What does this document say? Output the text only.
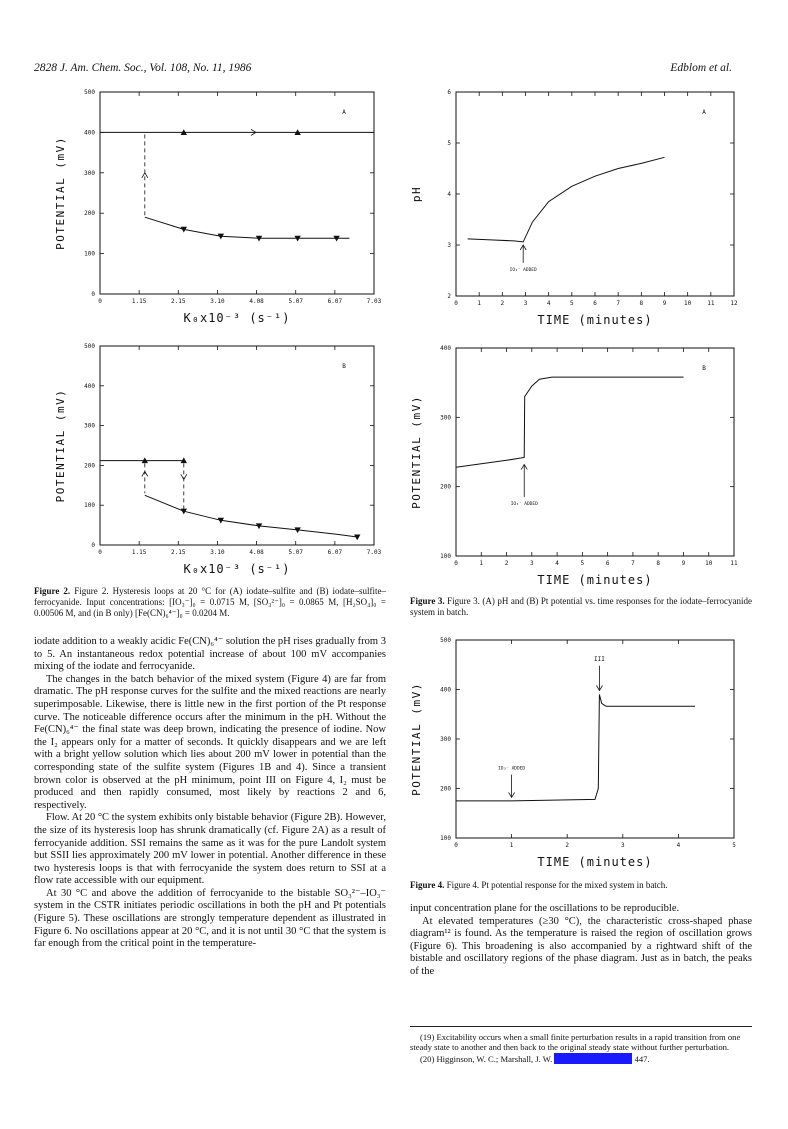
2828 J. Am. Chem. Soc., Vol. 108, No. 11, 1986	Edblom et al.
0	1.15	2.15	3.10	4.08	5.07	6.07	7.03
0
100
200
300
400
500
K₀x10⁻³ (s⁻¹)
POTENTIAL (mV)
A
0	1.15	2.15	3.10	4.08	5.07	6.07	7.03
0
100
200
300
400
500
K₀x10⁻³ (s⁻¹)
POTENTIAL (mV)
B
Figure 2. Figure 2. Hysteresis loops at 20 °C for (A) iodate–sulfite and (B) iodate–sulfite–ferrocyanide. Input concentrations: [IO₃⁻]₀ = 0.0715 M, [SO₃²⁻]₀ = 0.0865 M, [H₂SO₄]₀ = 0.00506 M, and (in B only) [Fe(CN)₆⁴⁻]₀ = 0.0204 M.

iodate addition to a weakly acidic Fe(CN)₆⁴⁻ solution the pH rises gradually from 3 to 5. An instantaneous redox potential increase of about 100 mV accompanies mixing of the iodate and ferrocyanide.

The changes in the batch behavior of the mixed system (Figure 4) are far from dramatic. The pH response curves for the sulfite and the mixed reactions are nearly superimposable. Likewise, there is little new in the first portion of the Pt response curve. The noticeable difference occurs after the minimum in the pH. Without the Fe(CN)₆⁴⁻ the final state was deep brown, indicating the presence of iodine. Now the I₂ appears only for a matter of seconds. It quickly disappears and we are left with a bright yellow solution which lies about 200 mV lower in potential than the corresponding state of the sulfite system (Figures 1B and 4). Since a transient brown color is observed at the pH minimum, point III on Figure 4, I₂ must be produced and then rapidly consumed, most likely by reactions 2 and 6, respectively.

Flow. At 20 °C the system exhibits only bistable behavior (Figure 2B). However, the size of its hysteresis loop has shrunk dramatically (cf. Figure 2A) as a result of ferrocyanide addition. SSI remains the same as it was for the pure Landolt system but SSII lies approximately 200 mV lower in potential. Another difference in these two hysteresis loops is that with ferrocyanide the system does return to SSI at a flow rate accessible with our equipment.

At 30 °C and above the addition of ferrocyanide to the bistable SO₃²⁻–IO₃⁻ system in the CSTR initiates periodic oscillations in both the pH and Pt potentials (Figure 5). These oscillations are strongly temperature dependent as illustrated in Figure 6. No oscillations appear at 20 °C, and it is not until 30 °C that the system is far enough from the critical point in the temperature-

0	1	2	3	4	5	6	7	8	9	10	11	12
2
3
4
5
6
TIME (minutes)
pH
A
IO₃⁻ ADDED
0	1	2	3	4	5	6	7	8	9	10	11
100
200
300
400
TIME (minutes)
POTENTIAL (mV)
B
IO₃⁻ ADDED
Figure 3. Figure 3. (A) pH and (B) Pt potential vs. time responses for the iodate–ferrocyanide system in batch.
0	1	2	3	4	5
100
200
300
400
500
TIME (minutes)
POTENTIAL (mV)	IO₃⁻ ADDED
III
Figure 4. Figure 4. Pt potential response for the mixed system in batch.

input concentration plane for the oscillations to be reproducible.

At elevated temperatures (≥30 °C), the characteristic cross-shaped phase diagram¹² is found. As the temperature is raised the region of oscillation grows (Figure 6). This broadening is also accompanied by a rightward shift of the bistable and oscillatory regions of the phase diagram. Just as in batch, the peaks of the

(19) Excitability occurs when a small finite perturbation results in a rapid transition from one steady state to another and then back to the original steady state without further perturbation.

(20) Higginson, W. C.; Marshall, J. W.	447.
